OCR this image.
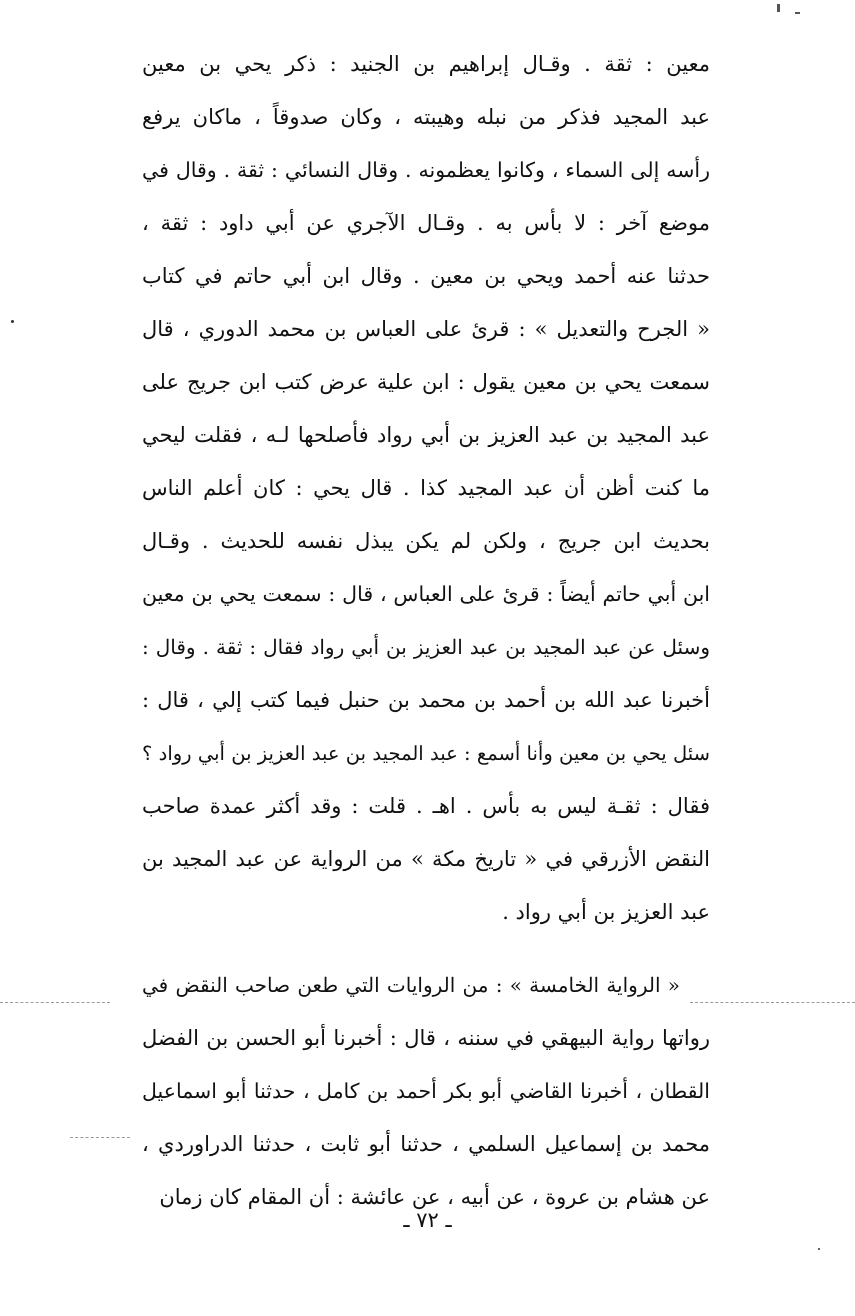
معين : ثقة . وقـال إبراهيم بن الجنيد : ذكر يحي بن معين
عبد المجيد فذكر من نبله وهيبته ، وكان صدوقاً ، ماكان يرفع
رأسه إلى السماء ، وكانوا يعظمونه . وقال النسائي : ثقة . وقال في
موضع آخر : لا بأس به . وقـال الآجري عن أبي داود : ثقة ،
حدثنا عنه أحمد ويحي بن معين . وقال ابن أبي حاتم في كتاب
« الجرح والتعديل » : قرئ على العباس بن محمد الدوري ، قال
سمعت يحي بن معين يقول : ابن علية عرض كتب ابن جريج على
عبد المجيد بن عبد العزيز بن أبي رواد فأصلحها لـه ، فقلت ليحي
ما كنت أظن أن عبد المجيد كذا . قال يحي : كان أعلم الناس
بحديث ابن جريج ، ولكن لم يكن يبذل نفسه للحديث . وقـال
ابن أبي حاتم أيضاً : قرئ على العباس ، قال : سمعت يحي بن معين
وسئل عن عبد المجيد بن عبد العزيز بن أبي رواد فقال : ثقة . وقال :
أخبرنا عبد الله بن أحمد بن محمد بن حنبل فيما كتب إلي ، قال :
سئل يحي بن معين وأنا أسمع : عبد المجيد بن عبد العزيز بن أبي رواد ؟
فقال : ثقـة ليس به بأس . اهـ . قلت : وقد أكثر عمدة صاحب
النقض الأزرقي في « تاريخ مكة » من الرواية عن عبد المجيد بن
عبد العزيز بن أبي رواد .
« الرواية الخامسة » : من الروايات التي طعن صاحب النقض في
رواتها رواية البيهقي في سننه ، قال : أخبرنا أبو الحسن بن الفضل
القطان ، أخبرنا القاضي أبو بكر أحمد بن كامل ، حدثنا أبو اسماعيل
محمد بن إسماعيل السلمي ، حدثنا أبو ثابت ، حدثنا الدراوردي ،
عن هشام بن عروة ، عن أبيه ، عن عائشة : أن المقام كان زمان
ـ ٧٢ ـ
